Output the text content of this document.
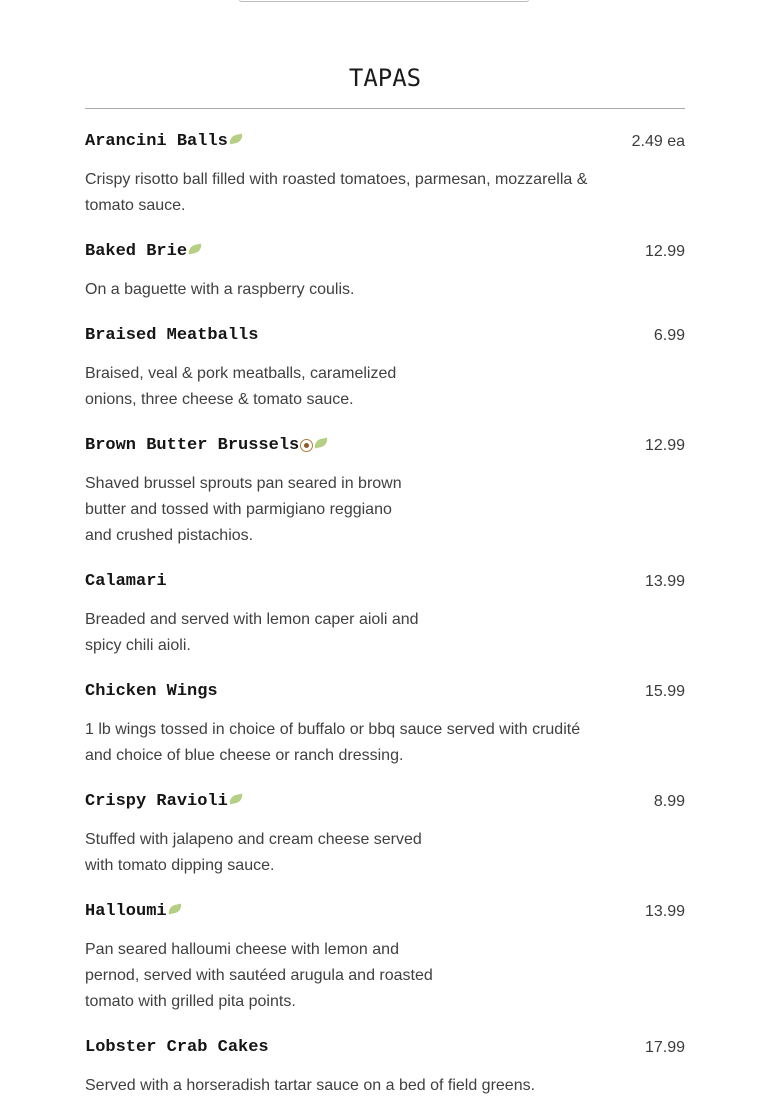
TAPAS
Arancini Balls	2.49 ea
Crispy risotto ball filled with roasted tomatoes, parmesan, mozzarella &
tomato sauce.
Baked Brie	12.99
On a baguette with a raspberry coulis.
Braised Meatballs	6.99
Braised, veal & pork meatballs, caramelized
onions, three cheese & tomato sauce.
Brown Butter Brussels	12.99
Shaved brussel sprouts pan seared in brown
butter and tossed with parmigiano reggiano
and crushed pistachios.
Calamari	13.99
Breaded and served with lemon caper aioli and
spicy chili aioli.
Chicken Wings	15.99
1 lb wings tossed in choice of buffalo or bbq sauce served with crudité
and choice of blue cheese or ranch dressing.
Crispy Ravioli	8.99
Stuffed with jalapeno and cream cheese served
with tomato dipping sauce.
Halloumi	13.99
Pan seared halloumi cheese with lemon and
pernod, served with sautéed arugula and roasted
tomato with grilled pita points.
Lobster Crab Cakes	17.99
Served with a horseradish tartar sauce on a bed of field greens.
